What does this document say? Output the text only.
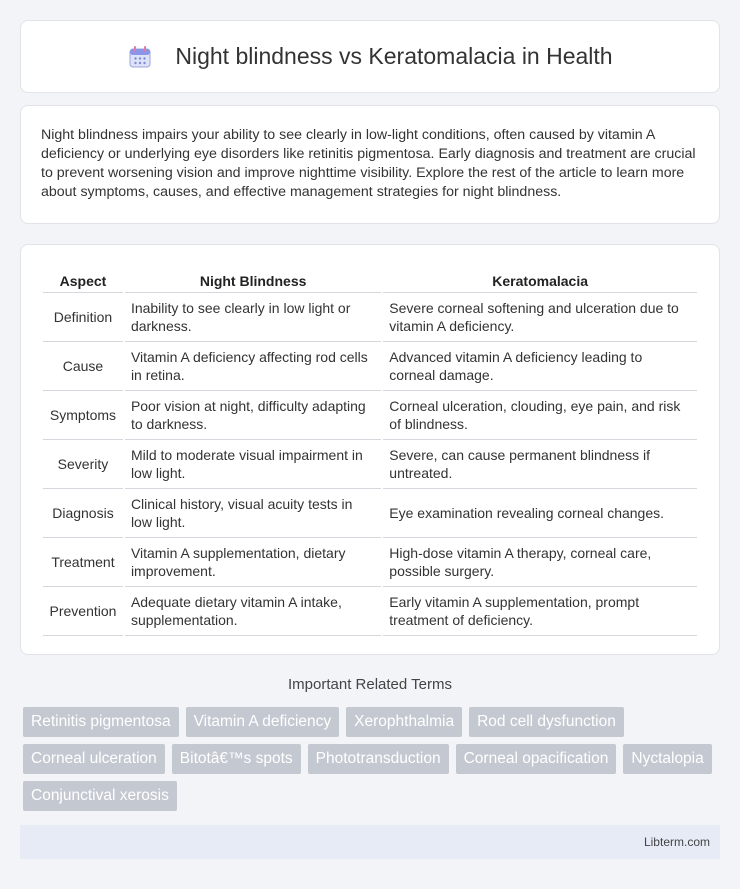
Night blindness vs Keratomalacia in Health

Night blindness impairs your ability to see clearly in low-light conditions, often caused by vitamin A deficiency or underlying eye disorders like retinitis pigmentosa. Early diagnosis and treatment are crucial to prevent worsening vision and improve nighttime visibility. Explore the rest of the article to learn more about symptoms, causes, and effective management strategies for night blindness.

Aspect	Night Blindness	Keratomalacia
Definition	Inability to see clearly in low light or darkness.	Severe corneal softening and ulceration due to vitamin A deficiency.
Cause	Vitamin A deficiency affecting rod cells in retina.	Advanced vitamin A deficiency leading to corneal damage.
Symptoms	Poor vision at night, difficulty adapting to darkness.	Corneal ulceration, clouding, eye pain, and risk of blindness.
Severity	Mild to moderate visual impairment in low light.	Severe, can cause permanent blindness if untreated.
Diagnosis	Clinical history, visual acuity tests in low light.	Eye examination revealing corneal changes.
Treatment	Vitamin A supplementation, dietary improvement.	High-dose vitamin A therapy, corneal care, possible surgery.
Prevention	Adequate dietary vitamin A intake, supplementation.	Early vitamin A supplementation, prompt treatment of deficiency.
Important Related Terms
Retinitis pigmentosa	Vitamin A deficiency	Xerophthalmia	Rod cell dysfunction
Corneal ulceration	Bitotâ€™s spots	Phototransduction	Corneal opacification	Nyctalopia
Conjunctival xerosis
Libterm.com
